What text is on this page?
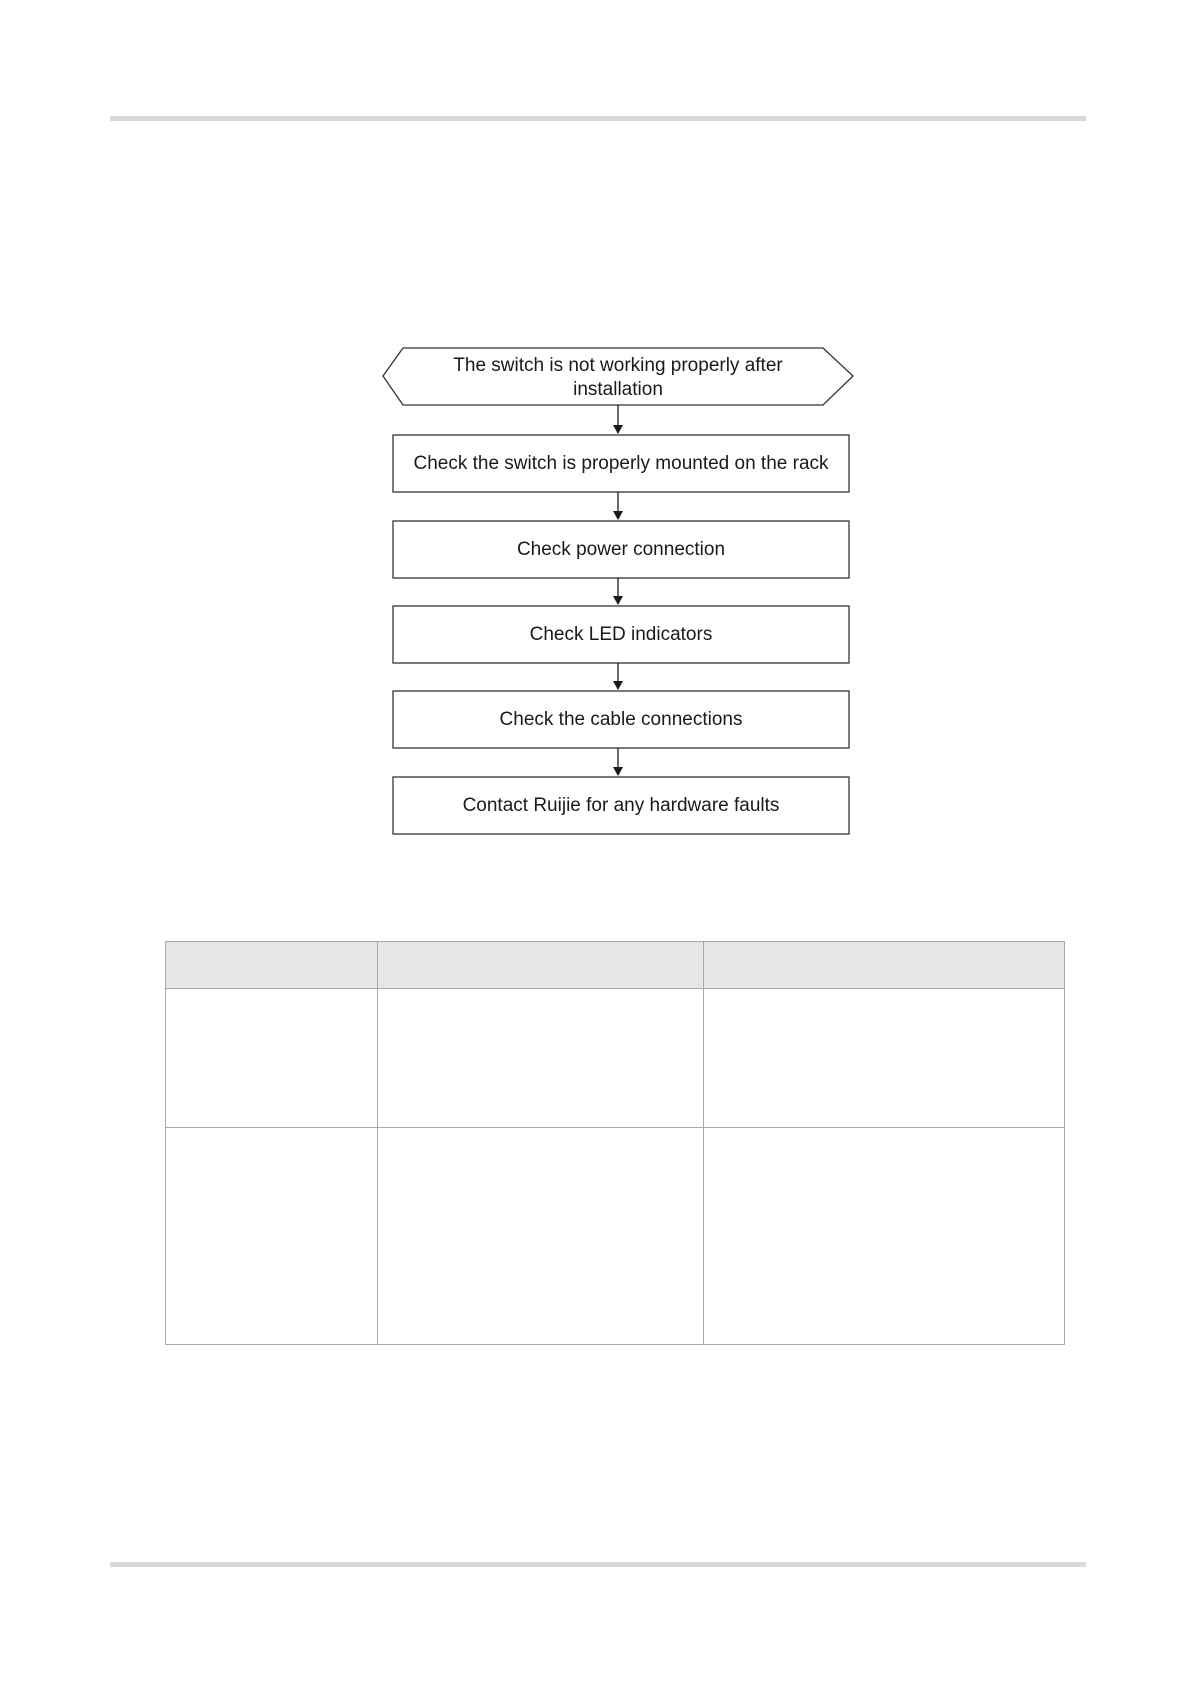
The switch is not working properly after
installation
Check the switch is properly mounted on the rack
Check power connection
Check LED indicators
Check the cable connections
Contact Ruijie for any hardware faults
